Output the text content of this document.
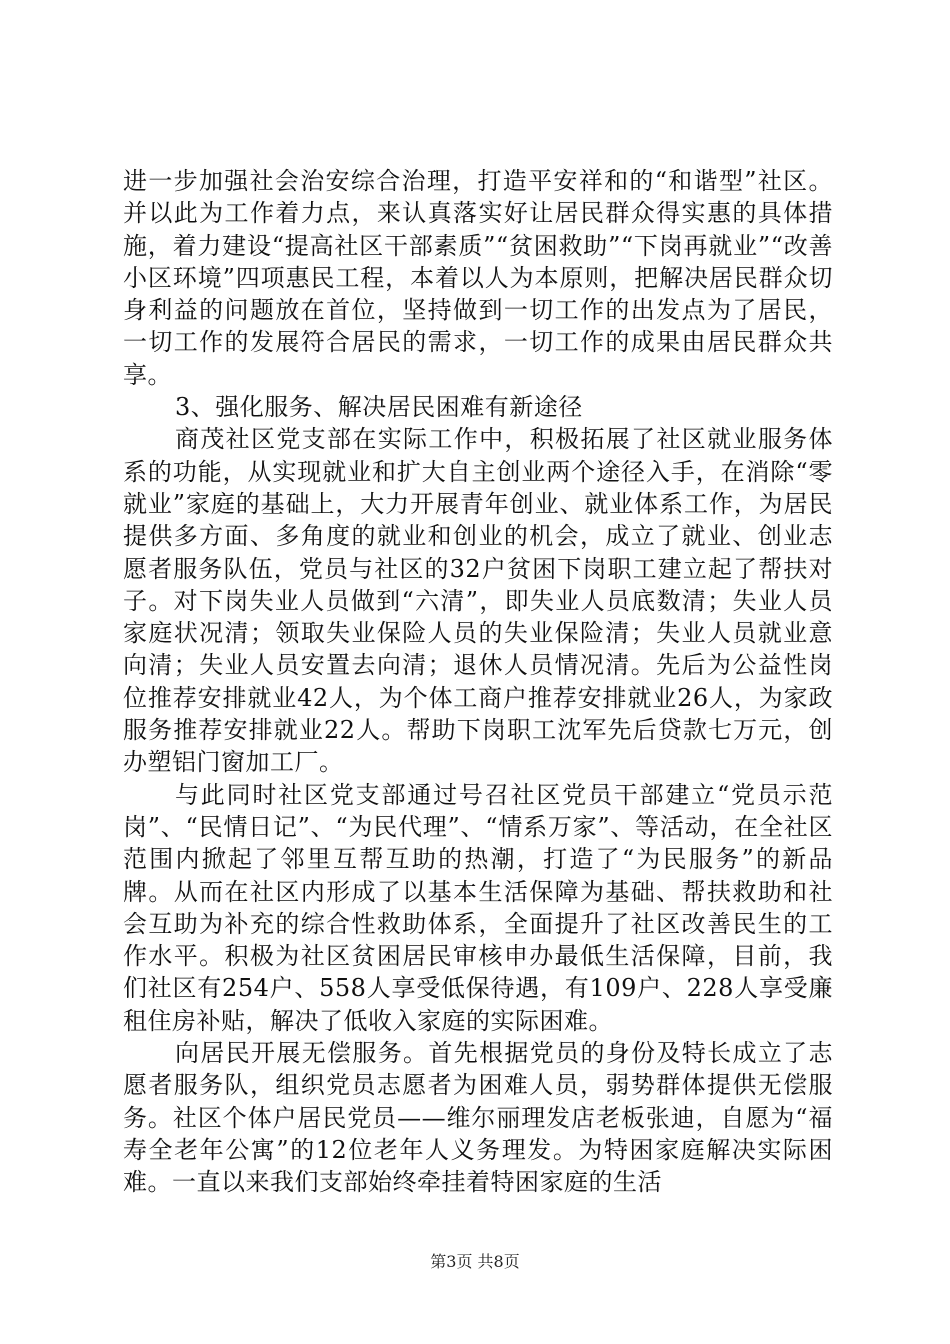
进一步加强社会治安综合治理，打造平安祥和的“和谐型”社区。并以此为工作着力点，来认真落实好让居民群众得实惠的具体措施，着力建设“提高社区干部素质”“贫困救助”“下岗再就业”“改善小区环境”四项惠民工程，本着以人为本原则，把解决居民群众切身利益的问题放在首位，坚持做到一切工作的出发点为了居民，一切工作的发展符合居民的需求，一切工作的成果由居民群众共享。

3、强化服务、解决居民困难有新途径

商茂社区党支部在实际工作中，积极拓展了社区就业服务体系的功能，从实现就业和扩大自主创业两个途径入手，在消除“零就业”家庭的基础上，大力开展青年创业、就业体系工作，为居民提供多方面、多角度的就业和创业的机会，成立了就业、创业志愿者服务队伍，党员与社区的32户贫困下岗职工建立起了帮扶对子。对下岗失业人员做到“六清”，即失业人员底数清；失业人员家庭状况清；领取失业保险人员的失业保险清；失业人员就业意向清；失业人员安置去向清；退休人员情况清。先后为公益性岗位推荐安排就业42人，为个体工商户推荐安排就业26人，为家政服务推荐安排就业22人。帮助下岗职工沈军先后贷款七万元，创办塑铝门窗加工厂。

与此同时社区党支部通过号召社区党员干部建立“党员示范岗”、“民情日记”、“为民代理”、“情系万家”、等活动，在全社区范围内掀起了邻里互帮互助的热潮，打造了“为民服务”的新品牌。从而在社区内形成了以基本生活保障为基础、帮扶救助和社会互助为补充的综合性救助体系，全面提升了社区改善民生的工作水平。积极为社区贫困居民审核申办最低生活保障，目前，我们社区有254户、558人享受低保待遇，有109户、228人享受廉租住房补贴，解决了低收入家庭的实际困难。

向居民开展无偿服务。首先根据党员的身份及特长成立了志愿者服务队，组织党员志愿者为困难人员，弱势群体提供无偿服务。社区个体户居民党员——维尔丽理发店老板张迪，自愿为“福寿全老年公寓”的12位老年人义务理发。为特困家庭解决实际困难。一直以来我们支部始终牵挂着特困家庭的生活

第3页 共8页
